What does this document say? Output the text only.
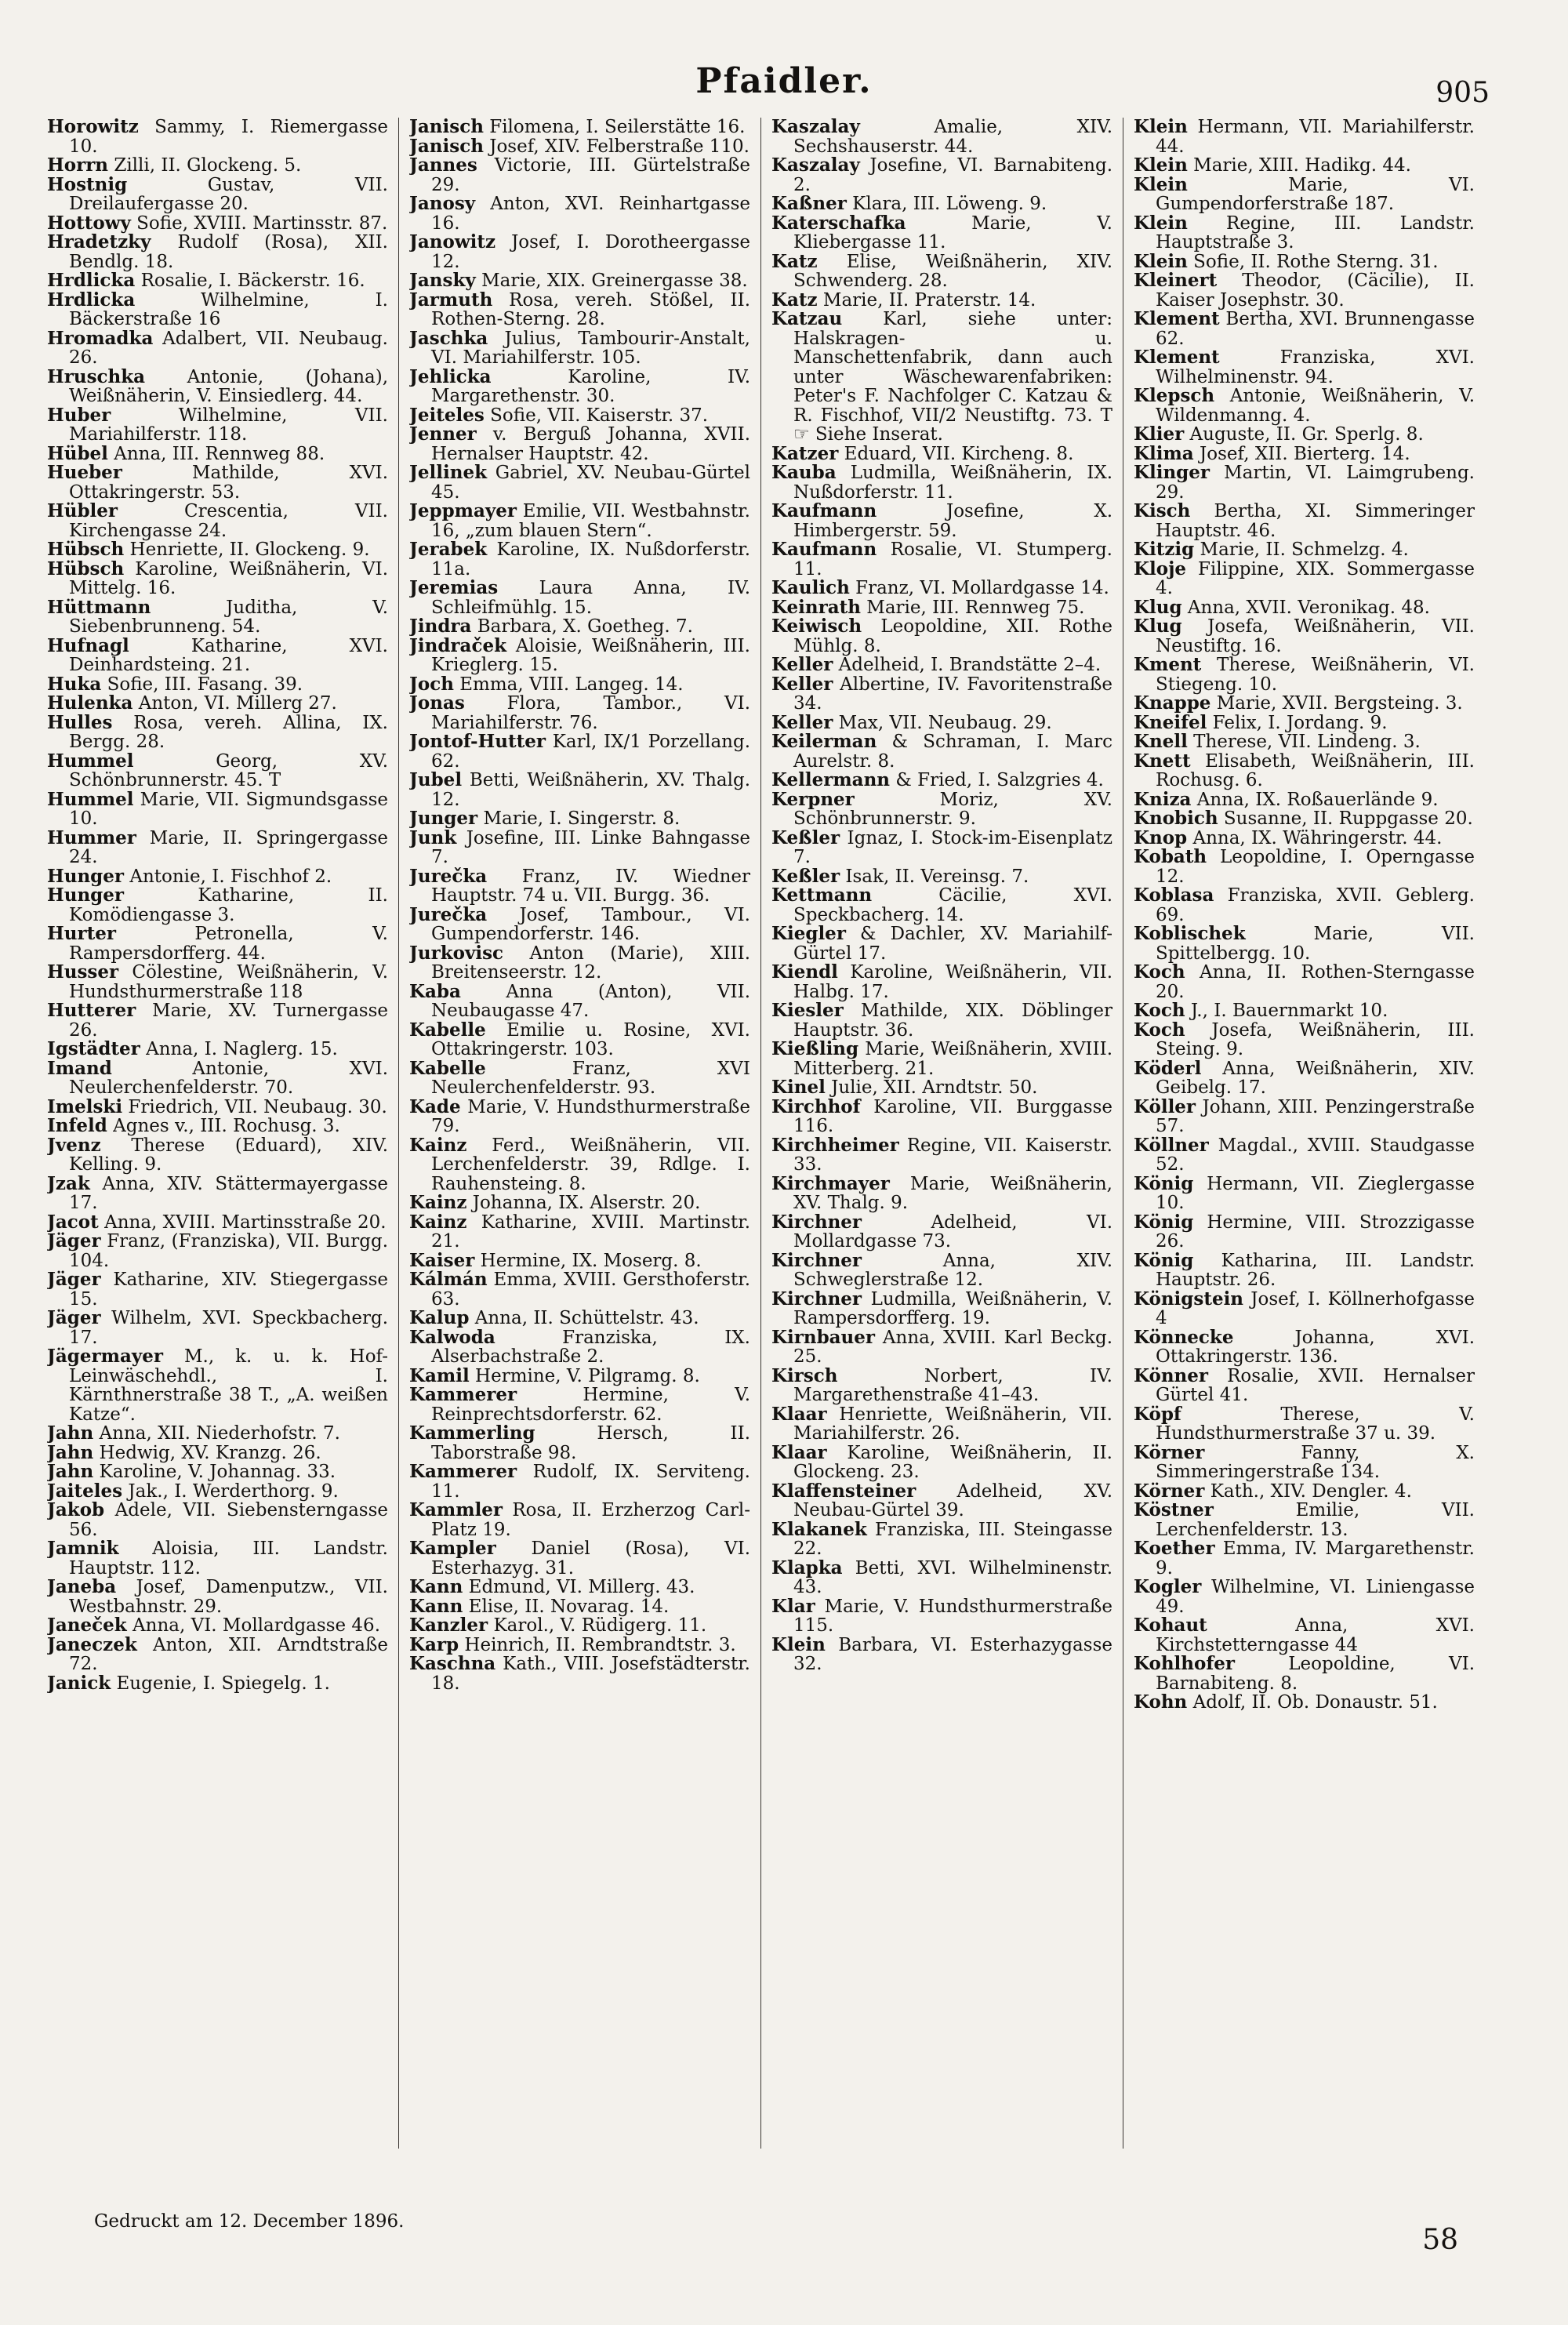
Pfaidler.	905

Horowitz Sammy, I. Riemergasse 10.

Horrn Zilli, II. Glockeng. 5.

Hostnig	Gustav, VII. Dreilaufergasse 20.

Hottowy Sofie, XVIII. Martinsstr. 87.

Hradetzky Rudolf (Rosa), XII. Bendlg. 18.

Hrdlicka Rosalie, I. Bäckerstr. 16.

Hrdlicka	Wilhelmine, I. Bäckerstraße 16

Hromadka Adalbert, VII. Neubaug. 26.

Hruschka Antonie, (Johana), Weißnäherin, V. Einsiedlerg. 44.

Huber	Wilhelmine, VII. Mariahilferstr. 118.

Hübel Anna, III. Rennweg 88.

Hueber	Mathilde, XVI. Ottakringerstr. 53.

Hübler	Crescentia, VII. Kirchengasse 24.

Hübsch Henriette, II. Glockeng. 9.

Hübsch Karoline, Weißnäherin, VI. Mittelg. 16.

Hüttmann	Juditha, V. Siebenbrunneng. 54.

Hufnagl	Katharine, XVI. Deinhardsteing. 21.

Huka Sofie, III. Fasang. 39.

Hulenka Anton, VI. Millerg 27.

Hulles Rosa, vereh. Allina, IX. Bergg. 28.

Hummel	Georg, XV. Schönbrunnerstr. 45. T

Hummel Marie, VII. Sigmundsgasse 10.

Hummer Marie, II. Springergasse 24.

Hunger Antonie, I. Fischhof 2.

Hunger	Katharine, II. Komödiengasse 3.

Hurter	Petronella, V. Rampersdorfferg. 44.

Husser Cölestine, Weißnäherin, V. Hundsthurmerstraße 118

Hutterer Marie, XV. Turnergasse 26.

Igstädter Anna, I. Naglerg. 15.

Imand	Antonie, XVI. Neulerchenfelderstr. 70.

Imelski Friedrich, VII. Neubaug. 30.

Infeld Agnes v., III. Rochusg. 3.

Jvenz Therese (Eduard), XIV. Kelling. 9.

Jzak Anna, XIV. Stättermayergasse 17.

Jacot Anna, XVIII. Martinsstraße 20.

Jäger Franz, (Franziska), VII. Burgg. 104.

Jäger Katharine, XIV. Stiegergasse 15.

Jäger Wilhelm, XVI. Speckbacherg. 17.

Jägermayer M., k. u. k. Hof-Leinwäschehdl., I. Kärnthnerstraße 38 T., „A. weißen Katze“.

Jahn Anna, XII. Niederhofstr. 7.

Jahn Hedwig, XV. Kranzg. 26.

Jahn Karoline, V. Johannag. 33.

Jaiteles Jak., I. Werderthorg. 9.

Jakob Adele, VII. Siebensterngasse 56.

Jamnik Aloisia, III. Landstr. Hauptstr. 112.

Janeba Josef, Damenputzw., VII. Westbahnstr. 29.

Janeček Anna, VI. Mollardgasse 46.

Janeczek Anton, XII. Arndtstraße 72.

Janick Eugenie, I. Spiegelg. 1.

Janisch Filomena, I. Seilerstätte 16.

Janisch Josef, XIV. Felberstraße 110.

Jannes Victorie, III. Gürtelstraße 29.

Janosy Anton, XVI. Reinhartgasse 16.

Janowitz Josef, I. Dorotheergasse 12.

Jansky Marie, XIX. Greinergasse 38.

Jarmuth Rosa, vereh. Stößel, II. Rothen-Sterng. 28.

Jaschka Julius, Tambourir-Anstalt, VI. Mariahilferstr. 105.

Jehlicka	Karoline, IV. Margarethenstr. 30.

Jeiteles Sofie, VII. Kaiserstr. 37.

Jenner v. Berguß Johanna, XVII. Hernalser Hauptstr. 42.

Jellinek Gabriel, XV. Neubau-Gürtel 45.

Jeppmayer Emilie, VII. Westbahnstr. 16, „zum blauen Stern“.

Jerabek Karoline, IX. Nußdorferstr. 11a.

Jeremias Laura Anna, IV. Schleifmühlg. 15.

Jindra Barbara, X. Goetheg. 7.

Jindraček Aloisie, Weißnäherin, III. Krieglerg. 15.

Joch Emma, VIII. Langeg. 14.

Jonas Flora, Tambor., VI. Mariahilferstr. 76.

Jontof-Hutter Karl, IX/1 Porzellang. 62.

Jubel Betti, Weißnäherin, XV. Thalg. 12.

Junger Marie, I. Singerstr. 8.

Junk Josefine, III. Linke Bahngasse 7.

Jurečka Franz, IV. Wiedner Hauptstr. 74 u. VII. Burgg. 36.

Jurečka Josef, Tambour., VI. Gumpendorferstr. 146.

Jurkovisc Anton (Marie), XIII. Breitenseerstr. 12.

Kaba	Anna (Anton), VII. Neubaugasse 47.

Kabelle Emilie u. Rosine, XVI. Ottakringerstr. 103.

Kabelle	Franz, XVI Neulerchenfelderstr. 93.

Kade Marie, V. Hundsthurmerstraße 79.

Kainz Ferd., Weißnäherin, VII. Lerchenfelderstr. 39, Rdlge. I. Rauhensteing. 8.

Kainz Johanna, IX. Alserstr. 20.

Kainz Katharine, XVIII. Martinstr. 21.

Kaiser Hermine, IX. Moserg. 8.

Kálmán Emma, XVIII. Gersthoferstr. 63.

Kalup Anna, II. Schüttelstr. 43.

Kalwoda	Franziska, IX. Alserbachstraße 2.

Kamil Hermine, V. Pilgramg. 8.

Kammerer	Hermine, V. Reinprechtsdorferstr. 62.

Kammerling	Hersch, II. Taborstraße 98.

Kammerer Rudolf, IX. Servitеng. 11.

Kammler Rosa, II. Erzherzog Carl-Platz 19.

Kampler Daniel (Rosa), VI. Esterhazyg. 31.

Kann Edmund, VI. Millerg. 43.

Kann Elise, II. Novarag. 14.

Kanzler Karol., V. Rüdigerg. 11.

Karp Heinrich, II. Rembrandtstr. 3.

Kaschna Kath., VIII. Josefstädterstr. 18.

Kaszalay	Amalie, XIV. Sechshauserstr. 44.

Kaszalay Josefine, VI. Barnabiteng. 2.

Kaßner Klara, III. Löweng. 9.

Katerschafka	Marie, V. Kliebergasse 11.

Katz Elise, Weißnäherin, XIV. Schwenderg. 28.

Katz Marie, II. Praterstr. 14.

Katzau Karl, siehe unter: Halskragen- u. Manschettenfabrik, dann auch unter Wäschewarenfabriken: Peter's F. Nachfolger C. Katzau & R. Fischhof, VII/2 Neustiftg. 73. T ☞ Siehe Inserat.

Katzer Eduard, VII. Kircheng. 8.

Kauba Ludmilla, Weißnäherin, IX. Nußdorferstr. 11.

Kaufmann	Josefine, X. Himbergerstr. 59.

Kaufmann Rosalie, VI. Stumperg. 11.

Kaulich Franz, VI. Mollardgasse 14.

Keinrath Marie, III. Rennweg 75.

Keiwisch Leopoldine, XII. Rothe Mühlg. 8.

Keller Adelheid, I. Brandstätte 2–4.

Keller Albertine, IV. Favoritenstraße 34.

Keller Max, VII. Neubaug. 29.

Keilerman & Schraman, I. Marc Aurelstr. 8.

Kellermann & Fried, I. Salzgries 4.

Kerpner	Moriz, XV. Schönbrunnerstr. 9.

Keßler Ignaz, I. Stock-im-Eisenplatz 7.

Keßler Isak, II. Vereinsg. 7.

Kettmann	Cäcilie, XVI. Speckbacherg. 14.

Kiegler & Dachler, XV. Mariahilf-Gürtel 17.

Kiendl Karoline, Weißnäherin, VII. Halbg. 17.

Kiesler Mathilde, XIX. Döblinger Hauptstr. 36.

Kießling Marie, Weißnäherin, XVIII. Mitterberg. 21.

Kinel Julie, XII. Arndtstr. 50.

Kirchhof Karoline, VII. Burggasse 116.

Kirchheimer Regine, VII. Kaiserstr. 33.

Kirchmayer Marie, Weißnäherin, XV. Thalg. 9.

Kirchner	Adelheid, VI. Mollardgasse 73.

Kirchner	Anna, XIV. Schweglerstraße 12.

Kirchner Ludmilla, Weißnäherin, V. Rampersdorfferg. 19.

Kirnbauer Anna, XVIII. Karl Beckg. 25.

Kirsch	Norbert, IV. Margarethenstraße 41–43.

Klaar Henriette, Weißnäherin, VII. Mariahilferstr. 26.

Klaar Karoline, Weißnäherin, II. Glockeng. 23.

Klaffensteiner Adelheid, XV. Neubau-Gürtel 39.

Klakanek Franziska, III. Steingasse 22.

Klapka Betti, XVI. Wilhelminenstr. 43.

Klar Marie, V. Hundsthurmerstraße 115.

Klein Barbara, VI. Esterhazygasse 32.

Klein Hermann, VII. Mariahilferstr. 44.

Klein Marie, XIII. Hadikg. 44.

Klein	Marie, VI. Gumpendorferstraße 187.

Klein Regine, III. Landstr. Hauptstraße 3.

Klein Sofie, II. Rothe Sterng. 31.

Kleinert Theodor, (Cäcilie), II. Kaiser Josephstr. 30.

Klement Bertha, XVI. Brunnengasse 62.

Klement	Franziska, XVI. Wilhelminenstr. 94.

Klepsch Antonie, Weißnäherin, V. Wildenmanng. 4.

Klier Auguste, II. Gr. Sperlg. 8.

Klima Josef, XII. Bierterg. 14.

Klinger Martin, VI. Laimgrubeng. 29.

Kisch Bertha, XI. Simmeringer Hauptstr. 46.

Kitzig Marie, II. Schmelzg. 4.

Kloje Filippine, XIX. Sommergasse 4.

Klug Anna, XVII. Veronikag. 48.

Klug Josefa, Weißnäherin, VII. Neustiftg. 16.

Kment Therese, Weißnäherin, VI. Stiegeng. 10.

Knappe Marie, XVII. Bergsteing. 3.

Kneifel Felix, I. Jordang. 9.

Knell Therese, VII. Lindeng. 3.

Knett Elisabeth, Weißnäherin, III. Rochusg. 6.

Kniza Anna, IX. Roßauerlände 9.

Knobich Susanne, II. Ruppgasse 20.

Knop Anna, IX. Währingerstr. 44.

Kobath Leopoldine, I. Operngasse 12.

Koblasa Franziska, XVII. Geblerg. 69.

Koblischek	Marie, VII. Spittelbergg. 10.

Koch Anna, II. Rothen-Sterngasse 20.

Koch J., I. Bauernmarkt 10.

Koch Josefa, Weißnäherin, III. Steing. 9.

Köderl Anna, Weißnäherin, XIV. Geibelg. 17.

Köller Johann, XIII. Penzingerstraße 57.

Köllner Magdal., XVIII. Staudgasse 52.

König Hermann, VII. Zieglergasse 10.

König Hermine, VIII. Strozzigasse 26.

König Katharina, III. Landstr. Hauptstr. 26.

Königstein Josef, I. Köllnerhofgasse 4

Könnecke	Johanna, XVI. Ottakringerstr. 136.

Könner Rosalie, XVII. Hernalser Gürtel 41.

Köpf	Therese, V. Hundsthurmerstraße 37 u. 39.

Körner	Fanny, X. Simmeringerstraße 134.

Körner Kath., XIV. Dengler. 4.

Köstner	Emilie, VII. Lerchenfelderstr. 13.

Koether Emma, IV. Margarethenstr. 9.

Kogler Wilhelmine, VI. Liniengasse 49.

Kohaut	Anna, XVI. Kirchstetterngasse 44

Kohlhofer	Leopoldine, VI. Barnabiteng. 8.

Kohn Adolf, II. Ob. Donaustr. 51.

Gedruckt am 12. December 1896.
58
